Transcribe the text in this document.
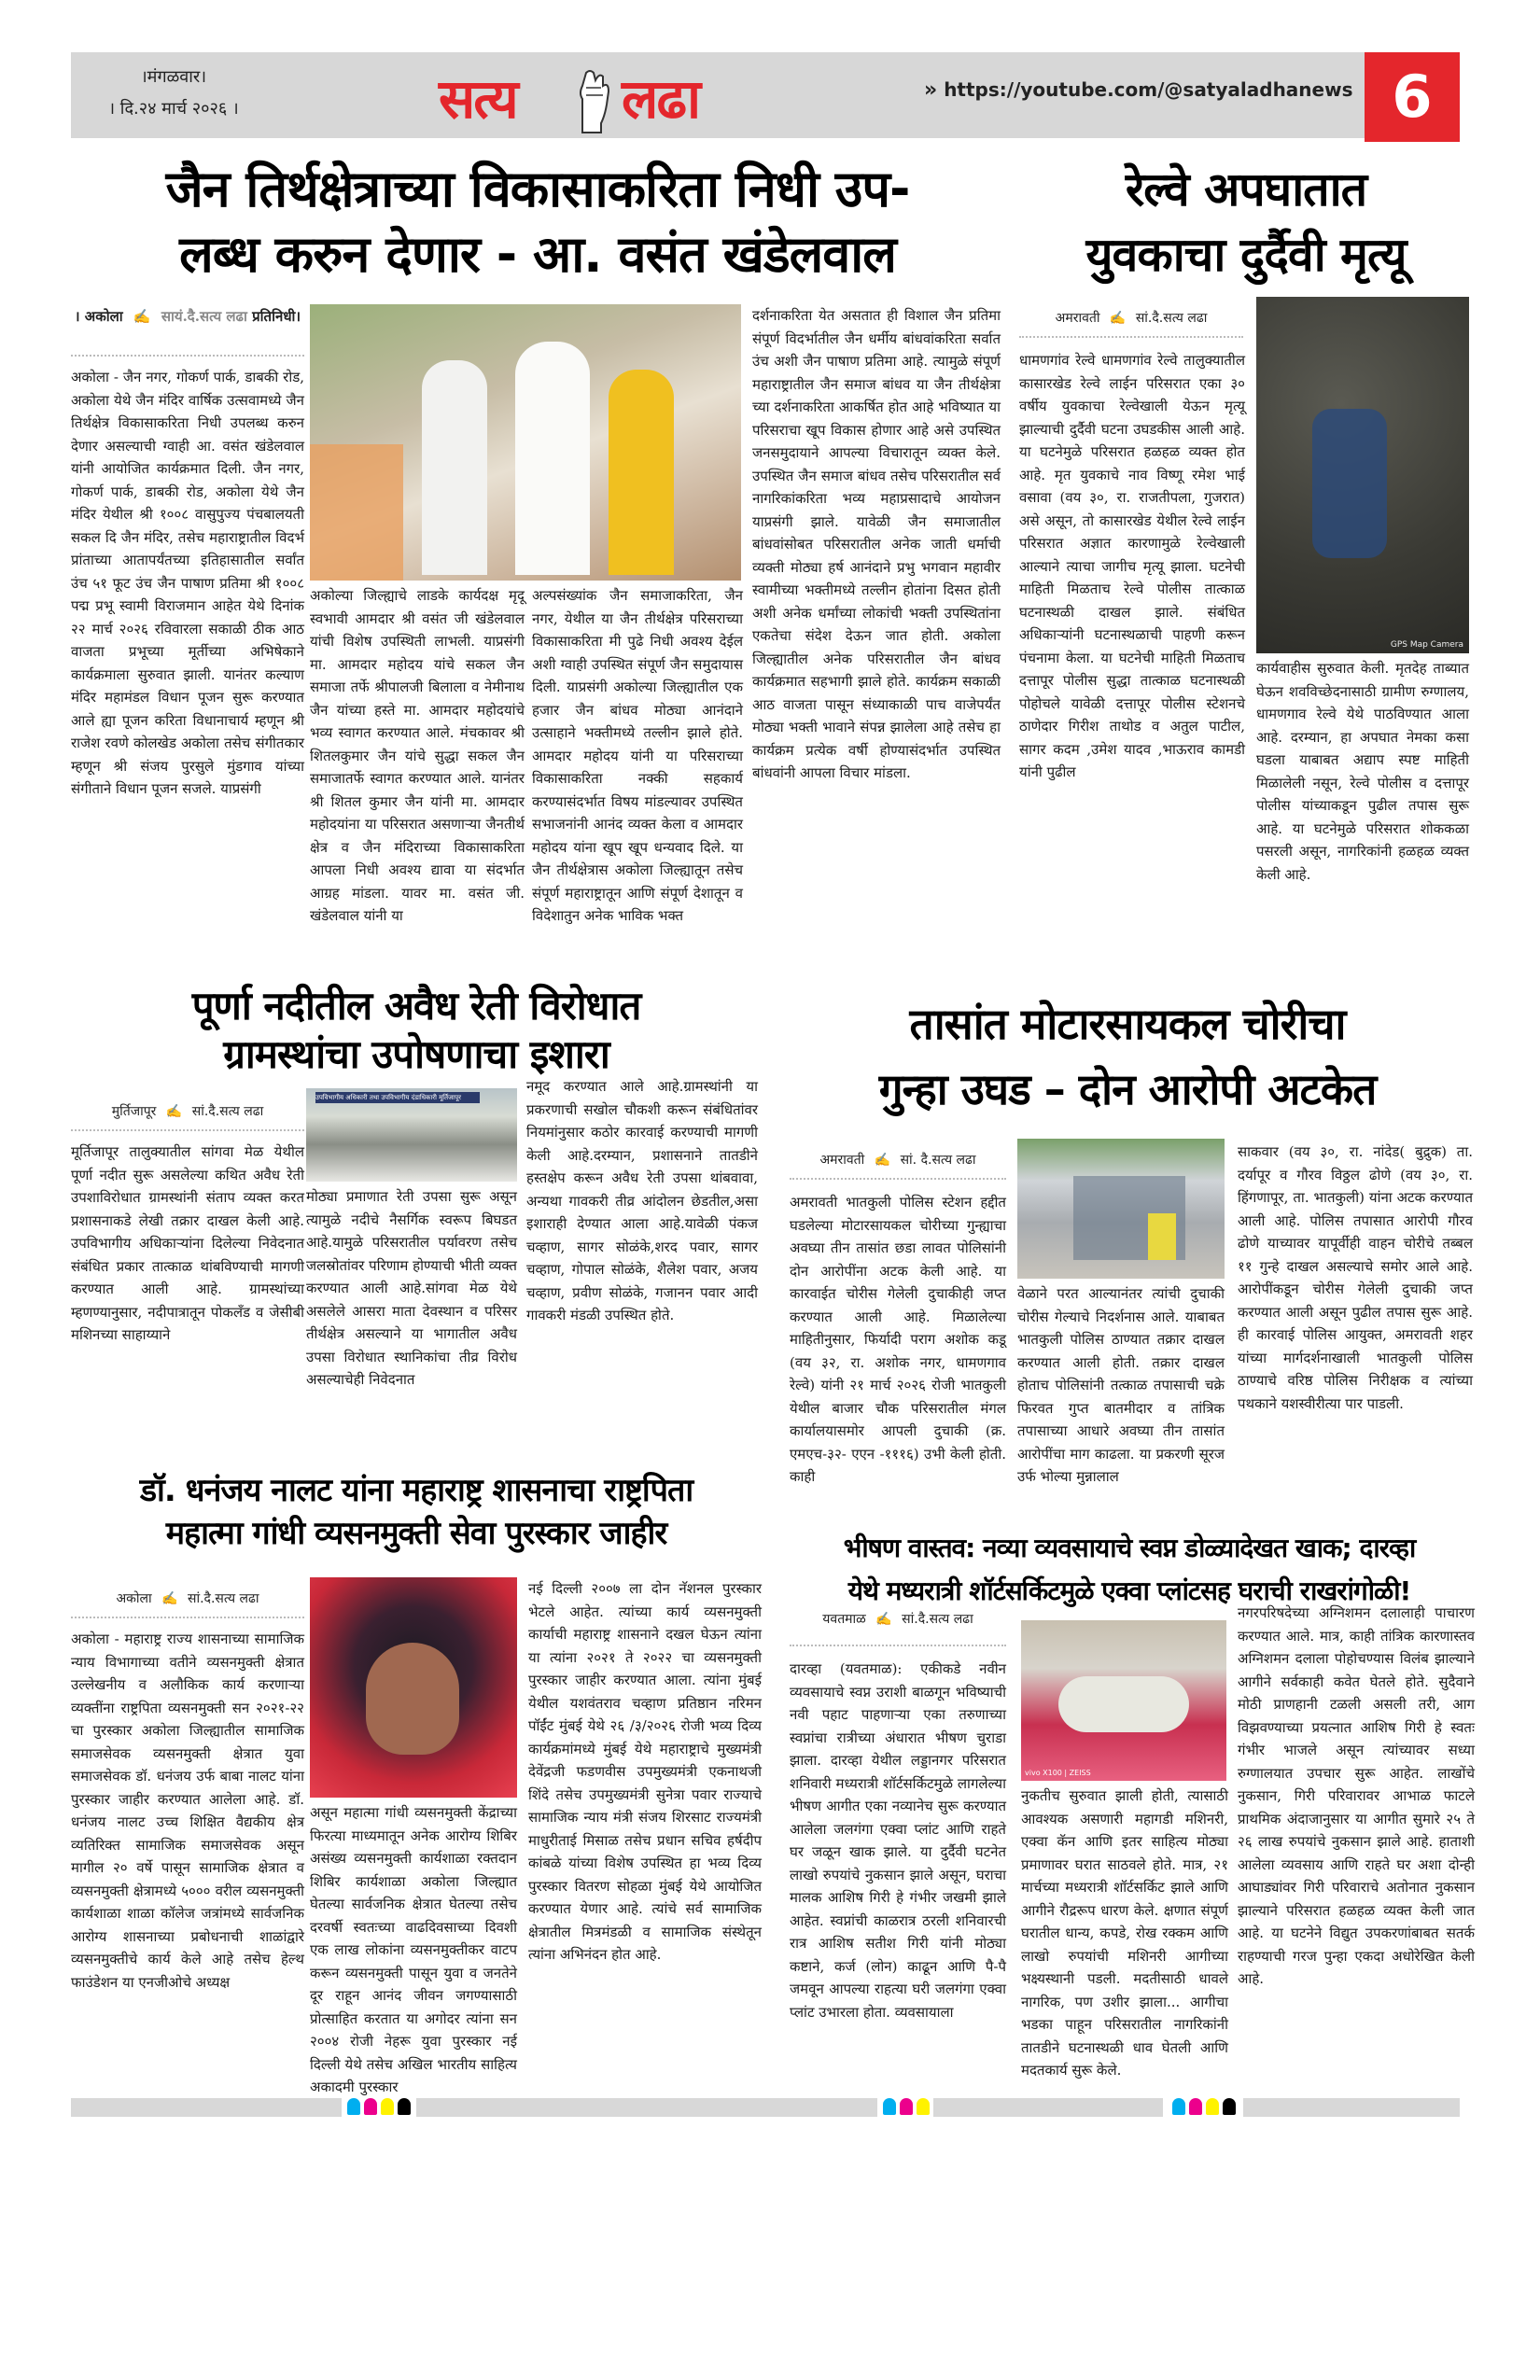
।मंगळवार।
। दि.२४ मार्च २०२६ ।	सत्य लढा	» https://youtube.com/@satyaladhanews 6
जैन तिर्थक्षेत्राच्या विकासाकरिता निधी उप-
लब्ध करुन देणार - आ. वसंत खंडेलवाल
। अकोला ✍ सायं.दै.सत्य लढा प्रतिनिधी।
अकोला - जैन नगर, गोकर्ण पार्क, डाबकी रोड, अकोला येथे जैन मंदिर वार्षिक उत्सवामध्ये जैन तिर्थक्षेत्र विकासाकरिता निधी उपलब्ध करुन देणार असल्याची ग्वाही आ. वसंत खंडेलवाल यांनी आयोजित कार्यक्रमात दिली. जैन नगर, गोकर्ण पार्क, डाबकी रोड, अकोला येथे जैन मंदिर येथील श्री १००८ वासुपुज्य पंचबालयती सकल दि जैन मंदिर, तसेच महाराष्ट्रातील विदर्भ प्रांताच्या आतापर्यंतच्या इतिहासातील सर्वांत उंच ५१ फूट उंच जैन पाषाण प्रतिमा श्री १००८ पद्म प्रभू स्वामी विराजमान आहेत येथे दिनांक २२ मार्च २०२६ रविवारला सकाळी ठीक आठ वाजता प्रभूच्या मूर्तीच्या अभिषेकाने कार्यक्रमाला सुरुवात झाली. यानंतर कल्याण मंदिर महामंडल विधान पूजन सुरू करण्यात आले ह्या पूजन करिता विधानाचार्य म्हणून श्री राजेश रवणे कोलखेड अकोला तसेच संगीतकार म्हणून श्री संजय पुरसुले मुंडगाव यांच्या संगीताने विधान पूजन सजले. याप्रसंगी
अकोल्या जिल्ह्याचे लाडके कार्यदक्ष मृदू स्वभावी आमदार श्री वसंत जी खंडेलवाल यांची विशेष उपस्थिती लाभली. याप्रसंगी मा. आमदार महोदय यांचे सकल जैन समाजा तर्फे श्रीपालजी बिलाला व नेमीनाथ जैन यांच्या हस्ते मा. आमदार महोदयांचे भव्य स्वागत करण्यात आले. मंचकावर श्री शितलकुमार जैन यांचे सुद्धा सकल जैन समाजातर्फे स्वागत करण्यात आले. यानंतर श्री शितल कुमार जैन यांनी मा. आमदार महोदयांना या परिसरात असणाऱ्या जैनतीर्थ क्षेत्र व जैन मंदिराच्या विकासाकरिता आपला निधी अवश्य द्यावा या संदर्भात आग्रह मांडला. यावर मा. वसंत जी. खंडेलवाल यांनी या
अल्पसंख्यांक जैन समाजाकरिता, जैन नगर, येथील या जैन तीर्थक्षेत्र परिसराच्या विकासाकरिता मी पुढे निधी अवश्य देईल अशी ग्वाही उपस्थित संपूर्ण जैन समुदायास दिली. याप्रसंगी अकोल्या जिल्ह्यातील एक हजार जैन बांधव मोठ्या आनंदाने उत्साहाने भक्तीमध्ये तल्लीन झाले होते. आमदार महोदय यांनी या परिसराच्या विकासाकरिता नक्की सहकार्य करण्यासंदर्भात विषय मांडल्यावर उपस्थित सभाजनांनी आनंद व्यक्त केला व आमदार महोदय यांना खूप खूप धन्यवाद दिले. या जैन तीर्थक्षेत्रास अकोला जिल्ह्यातून तसेच संपूर्ण महाराष्ट्रातून आणि संपूर्ण देशातून व विदेशातुन अनेक भाविक भक्त
दर्शनाकरिता येत असतात ही विशाल जैन प्रतिमा संपूर्ण विदर्भातील जैन धर्मीय बांधवांकरिता सर्वात उंच अशी जैन पाषाण प्रतिमा आहे. त्यामुळे संपूर्ण महाराष्ट्रातील जैन समाज बांधव या जैन तीर्थक्षेत्रा च्या दर्शनाकरिता आकर्षित होत आहे भविष्यात या परिसराचा खूप विकास होणार आहे असे उपस्थित जनसमुदायाने आपल्या विचारातून व्यक्त केले. उपस्थित जैन समाज बांधव तसेच परिसरातील सर्व नागरिकांकरिता भव्य महाप्रसादाचे आयोजन याप्रसंगी झाले. यावेळी जैन समाजातील बांधवांसोबत परिसरातील अनेक जाती धर्माची व्यक्ती मोठ्या हर्ष आनंदाने प्रभु भगवान महावीर स्वामीच्या भक्तीमध्ये तल्लीन होतांना दिसत होती अशी अनेक धर्मांच्या लोकांची भक्ती उपस्थितांना एकतेचा संदेश देऊन जात होती. अकोला जिल्ह्यातील अनेक परिसरातील जैन बांधव कार्यक्रमात सहभागी झाले होते. कार्यक्रम सकाळी आठ वाजता पासून संध्याकाळी पाच वाजेपर्यंत मोठ्या भक्ती भावाने संपन्न झालेला आहे तसेच हा कार्यक्रम प्रत्येक वर्षी होण्यासंदर्भात उपस्थित बांधवांनी आपला विचार मांडला.
रेल्वे अपघातात
युवकाचा दुर्दैवी मृत्यू
अमरावती ✍ सां.दै.सत्य लढा
धामणगांव रेल्वे धामणगांव रेल्वे तालुक्यातील कासारखेड रेल्वे लाईन परिसरात एका ३० वर्षीय युवकाचा रेल्वेखाली येऊन मृत्यू झाल्याची दुर्दैवी घटना उघडकीस आली आहे. या घटनेमुळे परिसरात हळहळ व्यक्त होत आहे. मृत युवकाचे नाव विष्णू रमेश भाई वसावा (वय ३०, रा. राजतीपला, गुजरात) असे असून, तो कासारखेड येथील रेल्वे लाईन परिसरात अज्ञात कारणामुळे रेल्वेखाली आल्याने त्याचा जागीच मृत्यू झाला. घटनेची माहिती मिळताच रेल्वे पोलीस तात्काळ घटनास्थळी दाखल झाले. संबंधित अधिकाऱ्यांनी घटनास्थळाची पाहणी करून पंचनामा केला. या घटनेची माहिती मिळताच दत्तापूर पोलीस सुद्धा तात्काळ घटनास्थळी पोहोचले यावेळी दत्तापूर पोलीस स्टेशनचे ठाणेदार गिरीश ताथोड व अतुल पाटील, सागर कदम ,उमेश यादव ,भाऊराव कामडी यांनी पुढील
GPS Map Camera
कार्यवाहीस सुरुवात केली. मृतदेह ताब्यात घेऊन शवविच्छेदनासाठी ग्रामीण रुग्णालय, धामणगाव रेल्वे येथे पाठविण्यात आला आहे. दरम्यान, हा अपघात नेमका कसा घडला याबाबत अद्याप स्पष्ट माहिती मिळालेली नसून, रेल्वे पोलीस व दत्तापूर पोलीस यांच्याकडून पुढील तपास सुरू आहे. या घटनेमुळे परिसरात शोककळा पसरली असून, नागरिकांनी हळहळ व्यक्त केली आहे.
पूर्णा नदीतील अवैध रेती विरोधात
ग्रामस्थांचा उपोषणाचा इशारा
मुर्तिजापूर ✍ सां.दै.सत्य लढा
मूर्तिजापूर तालुक्यातील सांगवा मेळ येथील पूर्णा नदीत सुरू असलेल्या कथित अवैध रेती उपशाविरोधात ग्रामस्थांनी संताप व्यक्त करत प्रशासनाकडे लेखी तक्रार दाखल केली आहे. उपविभागीय अधिकाऱ्यांना दिलेल्या निवेदनात संबंधित प्रकार तात्काळ थांबविण्याची मागणी करण्यात आली आहे. ग्रामस्थांच्या म्हणण्यानुसार, नदीपात्रातून पोकलँड व जेसीबी मशिनच्या साहाय्याने
उपविभागीय अधिकारी तथा उपविभागीय दंडाधिकारी मूर्तिजापूर
मोठ्या प्रमाणात रेती उपसा सुरू असून त्यामुळे नदीचे नैसर्गिक स्वरूप बिघडत आहे.यामुळे परिसरातील पर्यावरण तसेच जलस्रोतांवर परिणाम होण्याची भीती व्यक्त करण्यात आली आहे.सांगवा मेळ येथे असलेले आसरा माता देवस्थान व परिसर तीर्थक्षेत्र असल्याने या भागातील अवैध उपसा विरोधात स्थानिकांचा तीव्र विरोध असल्याचेही निवेदनात
नमूद करण्यात आले आहे.ग्रामस्थांनी या प्रकरणाची सखोल चौकशी करून संबंधितांवर नियमांनुसार कठोर कारवाई करण्याची मागणी केली आहे.दरम्यान, प्रशासनाने तातडीने हस्तक्षेप करून अवैध रेती उपसा थांबवावा, अन्यथा गावकरी तीव्र आंदोलन छेडतील,असा इशाराही देण्यात आला आहे.यावेळी पंकज चव्हाण, सागर सोळंके,शरद पवार, सागर चव्हाण, गोपाल सोळंके, शैलेश पवार, अजय चव्हाण, प्रवीण सोळंके, गजानन पवार आदी गावकरी मंडळी उपस्थित होते.
तासांत मोटारसायकल चोरीचा
गुन्हा उघड – दोन आरोपी अटकेत
अमरावती ✍ सां. दै.सत्य लढा
अमरावती भातकुली पोलिस स्टेशन हद्दीत घडलेल्या मोटारसायकल चोरीच्या गुन्ह्याचा अवघ्या तीन तासांत छडा लावत पोलिसांनी दोन आरोपींना अटक केली आहे. या कारवाईत चोरीस गेलेली दुचाकीही जप्त करण्यात आली आहे. मिळालेल्या माहितीनुसार, फिर्यादी पराग अशोक कडू (वय ३२, रा. अशोक नगर, धामणगाव रेल्वे) यांनी २१ मार्च २०२६ रोजी भातकुली येथील बाजार चौक परिसरातील मंगल कार्यालयासमोर आपली दुचाकी (क्र. एमएच-३२- एएन -१११६) उभी केली होती. काही
वेळाने परत आल्यानंतर त्यांची दुचाकी चोरीस गेल्याचे निदर्शनास आले. याबाबत भातकुली पोलिस ठाण्यात तक्रार दाखल करण्यात आली होती. तक्रार दाखल होताच पोलिसांनी तत्काळ तपासाची चक्रे फिरवत गुप्त बातमीदार व तांत्रिक तपासाच्या आधारे अवघ्या तीन तासांत आरोपींचा माग काढला. या प्रकरणी सूरज उर्फ भोल्या मुन्नालाल
साकवार (वय ३०, रा. नांदेड( बुद्रुक) ता. दर्यापूर व गौरव विठ्ठल ढोणे (वय ३०, रा. हिंगणापूर, ता. भातकुली) यांना अटक करण्यात आली आहे. पोलिस तपासात आरोपी गौरव ढोणे याच्यावर यापूर्वीही वाहन चोरीचे तब्बल ११ गुन्हे दाखल असल्याचे समोर आले आहे. आरोपींकडून चोरीस गेलेली दुचाकी जप्त करण्यात आली असून पुढील तपास सुरू आहे. ही कारवाई पोलिस आयुक्त, अमरावती शहर यांच्या मार्गदर्शनाखाली भातकुली पोलिस ठाण्याचे वरिष्ठ पोलिस निरीक्षक व त्यांच्या पथकाने यशस्वीरीत्या पार पाडली.
डॉ. धनंजय नालट यांना महाराष्ट्र शासनाचा राष्ट्रपिता
महात्मा गांधी व्यसनमुक्ती सेवा पुरस्कार जाहीर
अकोला ✍ सां.दै.सत्य लढा
अकोला - महाराष्ट्र राज्य शासनाच्या सामाजिक न्याय विभागाच्या वतीने व्यसनमुक्ती क्षेत्रात उल्लेखनीय व अलौकिक कार्य करणाऱ्या व्यक्तींना राष्ट्रपिता व्यसनमुक्ती सन २०२१-२२ चा पुरस्कार अकोला जिल्ह्यातील सामाजिक समाजसेवक व्यसनमुक्ती क्षेत्रात युवा समाजसेवक डॉ. धनंजय उर्फ बाबा नालट यांना पुरस्कार जाहीर करण्यात आलेला आहे. डॉ. धनंजय नालट उच्च शिक्षित वैद्यकीय क्षेत्र व्यतिरिक्त सामाजिक समाजसेवक असून मागील २० वर्षे पासून सामाजिक क्षेत्रात व व्यसनमुक्ती क्षेत्रामध्ये ५००० वरील व्यसनमुक्ती कार्यशाळा शाळा कॉलेज जत्रांमध्ये सार्वजनिक आरोग्य शासनाच्या प्रबोधनाची शाळांद्वारे व्यसनमुक्तीचे कार्य केले आहे तसेच हेल्थ फाउंडेशन या एनजीओचे अध्यक्ष
असून महात्मा गांधी व्यसनमुक्ती केंद्राच्या फिरत्या माध्यमातून अनेक आरोग्य शिबिर असंख्य व्यसनमुक्ती कार्यशाळा रक्तदान शिबिर कार्यशाळा अकोला जिल्ह्यात घेतल्या सार्वजनिक क्षेत्रात घेतल्या तसेच दरवर्षी स्वतःच्या वाढदिवसाच्या दिवशी एक लाख लोकांना व्यसनमुक्तीकर वाटप करून व्यसनमुक्ती पासून युवा व जनतेने दूर राहून आनंद जीवन जगण्यासाठी प्रोत्साहित करतात या अगोदर त्यांना सन २००४ रोजी नेहरू युवा पुरस्कार नई दिल्ली येथे तसेच अखिल भारतीय साहित्य अकादमी पुरस्कार
नई दिल्ली २००७ ला दोन नॅशनल पुरस्कार भेटले आहेत. त्यांच्या कार्य व्यसनमुक्ती कार्याची महाराष्ट्र शासनाने दखल घेऊन त्यांना या त्यांना २०२१ ते २०२२ चा व्यसनमुक्ती पुरस्कार जाहीर करण्यात आला. त्यांना मुंबई येथील यशवंतराव चव्हाण प्रतिष्ठान नरिमन पॉईंट मुंबई येथे २६ /३/२०२६ रोजी भव्य दिव्य कार्यक्रमांमध्ये मुंबई येथे महाराष्ट्राचे मुख्यमंत्री देवेंद्रजी फडणवीस उपमुख्यमंत्री एकनाथजी शिंदे तसेच उपमुख्यमंत्री सुनेत्रा पवार राज्याचे सामाजिक न्याय मंत्री संजय शिरसाट राज्यमंत्री माधुरीताई मिसाळ तसेच प्रधान सचिव हर्षदीप कांबळे यांच्या विशेष उपस्थित हा भव्य दिव्य पुरस्कार वितरण सोहळा मुंबई येथे आयोजित करण्यात येणार आहे. त्यांचे सर्व सामाजिक क्षेत्रातील मित्रमंडळी व सामाजिक संस्थेतून त्यांना अभिनंदन होत आहे.
भीषण वास्तव: नव्या व्यवसायाचे स्वप्न डोळ्यादेखत खाक; दारव्हा
येथे मध्यरात्री शॉर्टसर्किटमुळे एक्वा प्लांटसह घराची राखरांगोळी!
यवतमाळ ✍ सां.दै.सत्य लढा
दारव्हा (यवतमाळ): एकीकडे नवीन व्यवसायाचे स्वप्न उराशी बाळगून भविष्याची नवी पहाट पाहणाऱ्या एका तरुणाच्या स्वप्नांचा रात्रीच्या अंधारात भीषण चुराडा झाला. दारव्हा येथील लड्डानगर परिसरात शनिवारी मध्यरात्री शॉर्टसर्किटमुळे लागलेल्या भीषण आगीत एका नव्यानेच सुरू करण्यात आलेला जलगंगा एक्वा प्लांट आणि राहते घर जळून खाक झाले. या दुर्दैवी घटनेत लाखो रुपयांचे नुकसान झाले असून, घराचा मालक आशिष गिरी हे गंभीर जखमी झाले आहेत. स्वप्नांची काळरात्र ठरली शनिवारची रात्र आशिष सतीश गिरी यांनी मोठ्या कष्टाने, कर्ज (लोन) काढून आणि पै-पै जमवून आपल्या राहत्या घरी जलगंगा एक्वा प्लांट उभारला होता. व्यवसायाला
vivo X100 | ZEISS
नुकतीच सुरुवात झाली होती, त्यासाठी आवश्यक असणारी महागडी मशिनरी, एक्वा कॅन आणि इतर साहित्य मोठ्या प्रमाणावर घरात साठवले होते. मात्र, २१ मार्चच्या मध्यरात्री शॉर्टसर्किट झाले आणि आगीने रौद्ररूप धारण केले. क्षणात संपूर्ण घरातील धान्य, कपडे, रोख रक्कम आणि लाखो रुपयांची मशिनरी आगीच्या भक्ष्यस्थानी पडली. मदतीसाठी धावले नागरिक, पण उशीर झाला... आगीचा भडका पाहून परिसरातील नागरिकांनी तातडीने घटनास्थळी धाव घेतली आणि मदतकार्य सुरू केले.
नगरपरिषदेच्या अग्निशमन दलालाही पाचारण करण्यात आले. मात्र, काही तांत्रिक कारणास्तव अग्निशमन दलाला पोहोचण्यास विलंब झाल्याने आगीने सर्वकाही कवेत घेतले होते. सुदैवाने मोठी प्राणहानी टळली असली तरी, आग विझवण्याच्या प्रयत्नात आशिष गिरी हे स्वतः गंभीर भाजले असून त्यांच्यावर सध्या रुग्णालयात उपचार सुरू आहेत. लाखोंचे नुकसान, गिरी परिवारावर आभाळ फाटले प्राथमिक अंदाजानुसार या आगीत सुमारे २५ ते २६ लाख रुपयांचे नुकसान झाले आहे. हाताशी आलेला व्यवसाय आणि राहते घर अशा दोन्ही आघाड्यांवर गिरी परिवाराचे अतोनात नुकसान झाल्याने परिसरात हळहळ व्यक्त केली जात आहे. या घटनेने विद्युत उपकरणांबाबत सतर्क राहण्याची गरज पुन्हा एकदा अधोरेखित केली आहे.
